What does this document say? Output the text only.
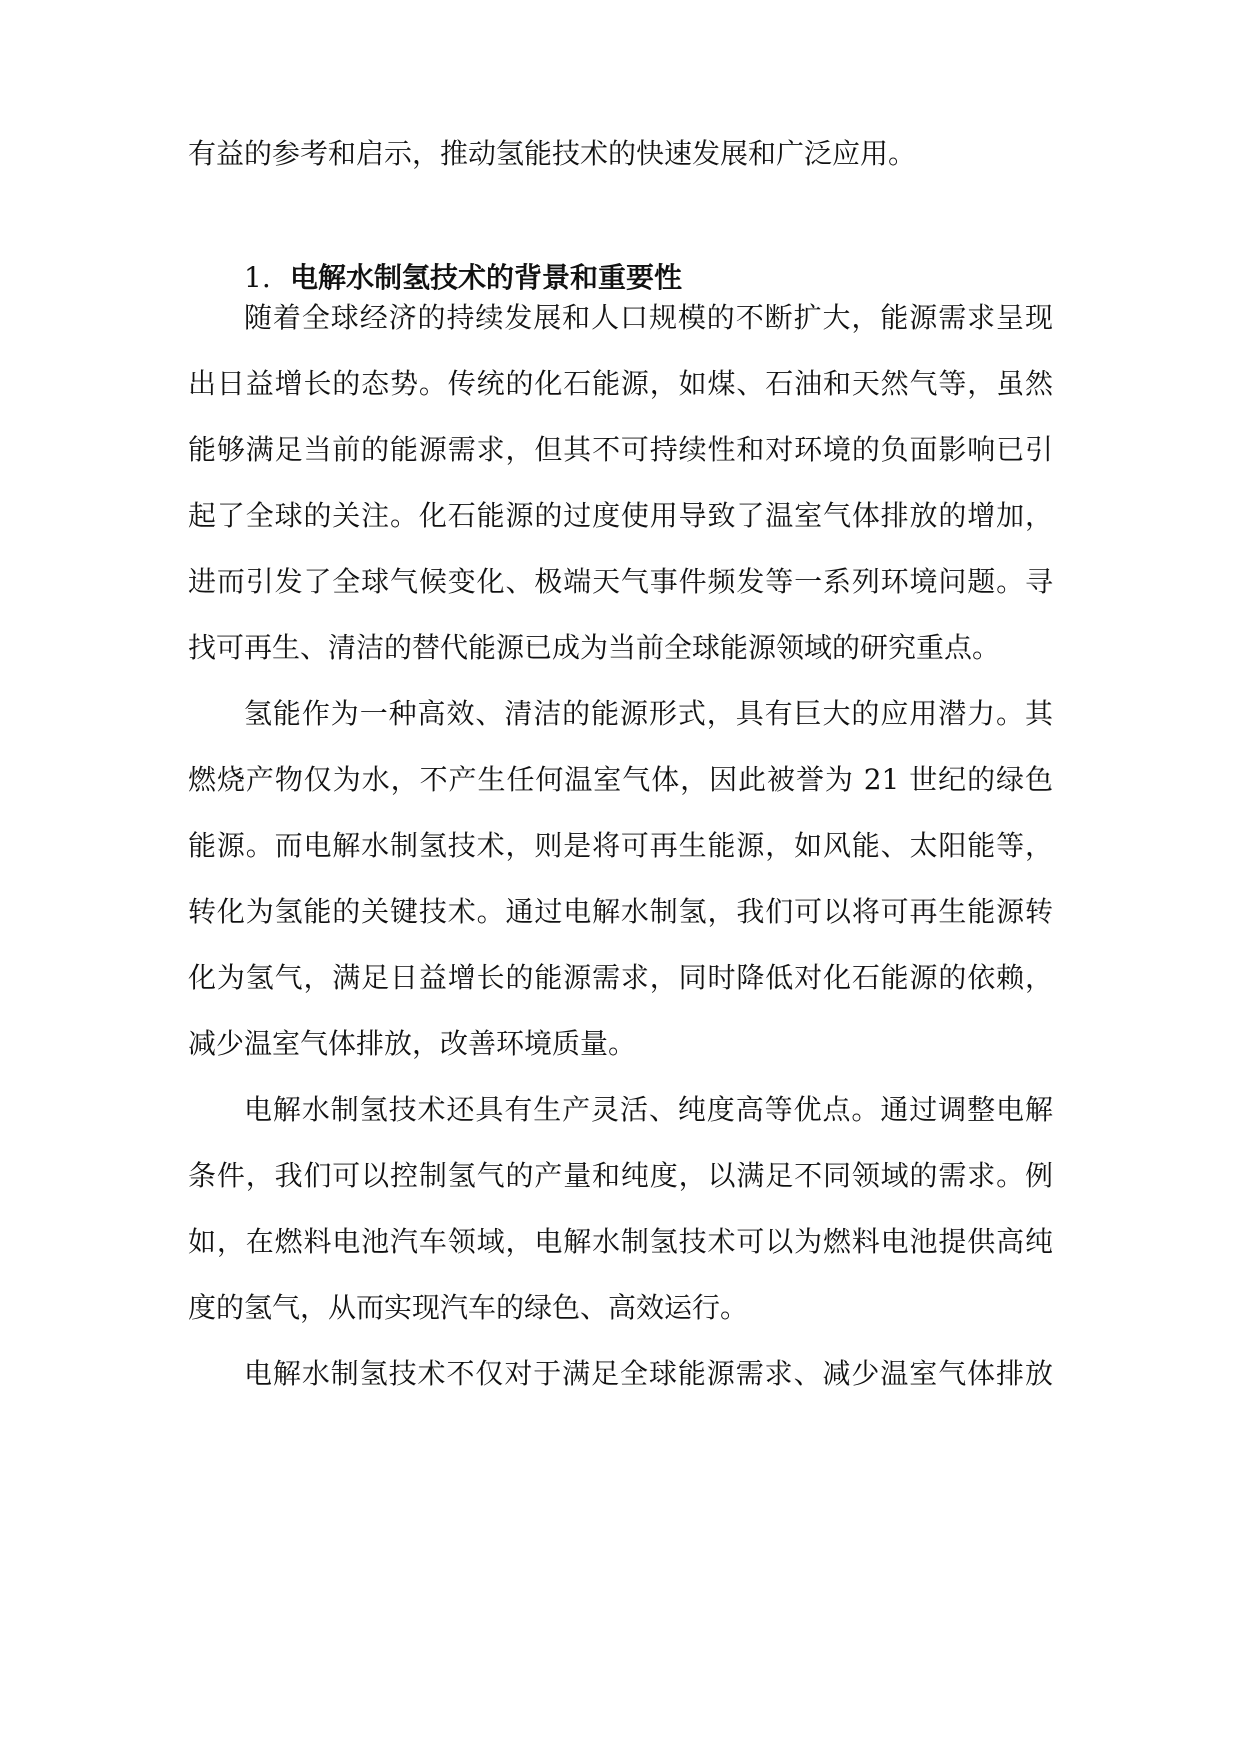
有益的参考和启示，推动氢能技术的快速发展和广泛应用。
1. 电解水制氢技术的背景和重要性
随着全球经济的持续发展和人口规模的不断扩大，能源需求呈现
出日益增长的态势。传统的化石能源，如煤、石油和天然气等，虽然
能够满足当前的能源需求，但其不可持续性和对环境的负面影响已引
起了全球的关注。化石能源的过度使用导致了温室气体排放的增加，
进而引发了全球气候变化、极端天气事件频发等一系列环境问题。寻
找可再生、清洁的替代能源已成为当前全球能源领域的研究重点。
氢能作为一种高效、清洁的能源形式，具有巨大的应用潜力。其
燃烧产物仅为水，不产生任何温室气体，因此被誉为 21 世纪的绿色
能源。而电解水制氢技术，则是将可再生能源，如风能、太阳能等，
转化为氢能的关键技术。通过电解水制氢，我们可以将可再生能源转
化为氢气，满足日益增长的能源需求，同时降低对化石能源的依赖，
减少温室气体排放，改善环境质量。
电解水制氢技术还具有生产灵活、纯度高等优点。通过调整电解
条件，我们可以控制氢气的产量和纯度，以满足不同领域的需求。例
如，在燃料电池汽车领域，电解水制氢技术可以为燃料电池提供高纯
度的氢气，从而实现汽车的绿色、高效运行。
电解水制氢技术不仅对于满足全球能源需求、减少温室气体排放
